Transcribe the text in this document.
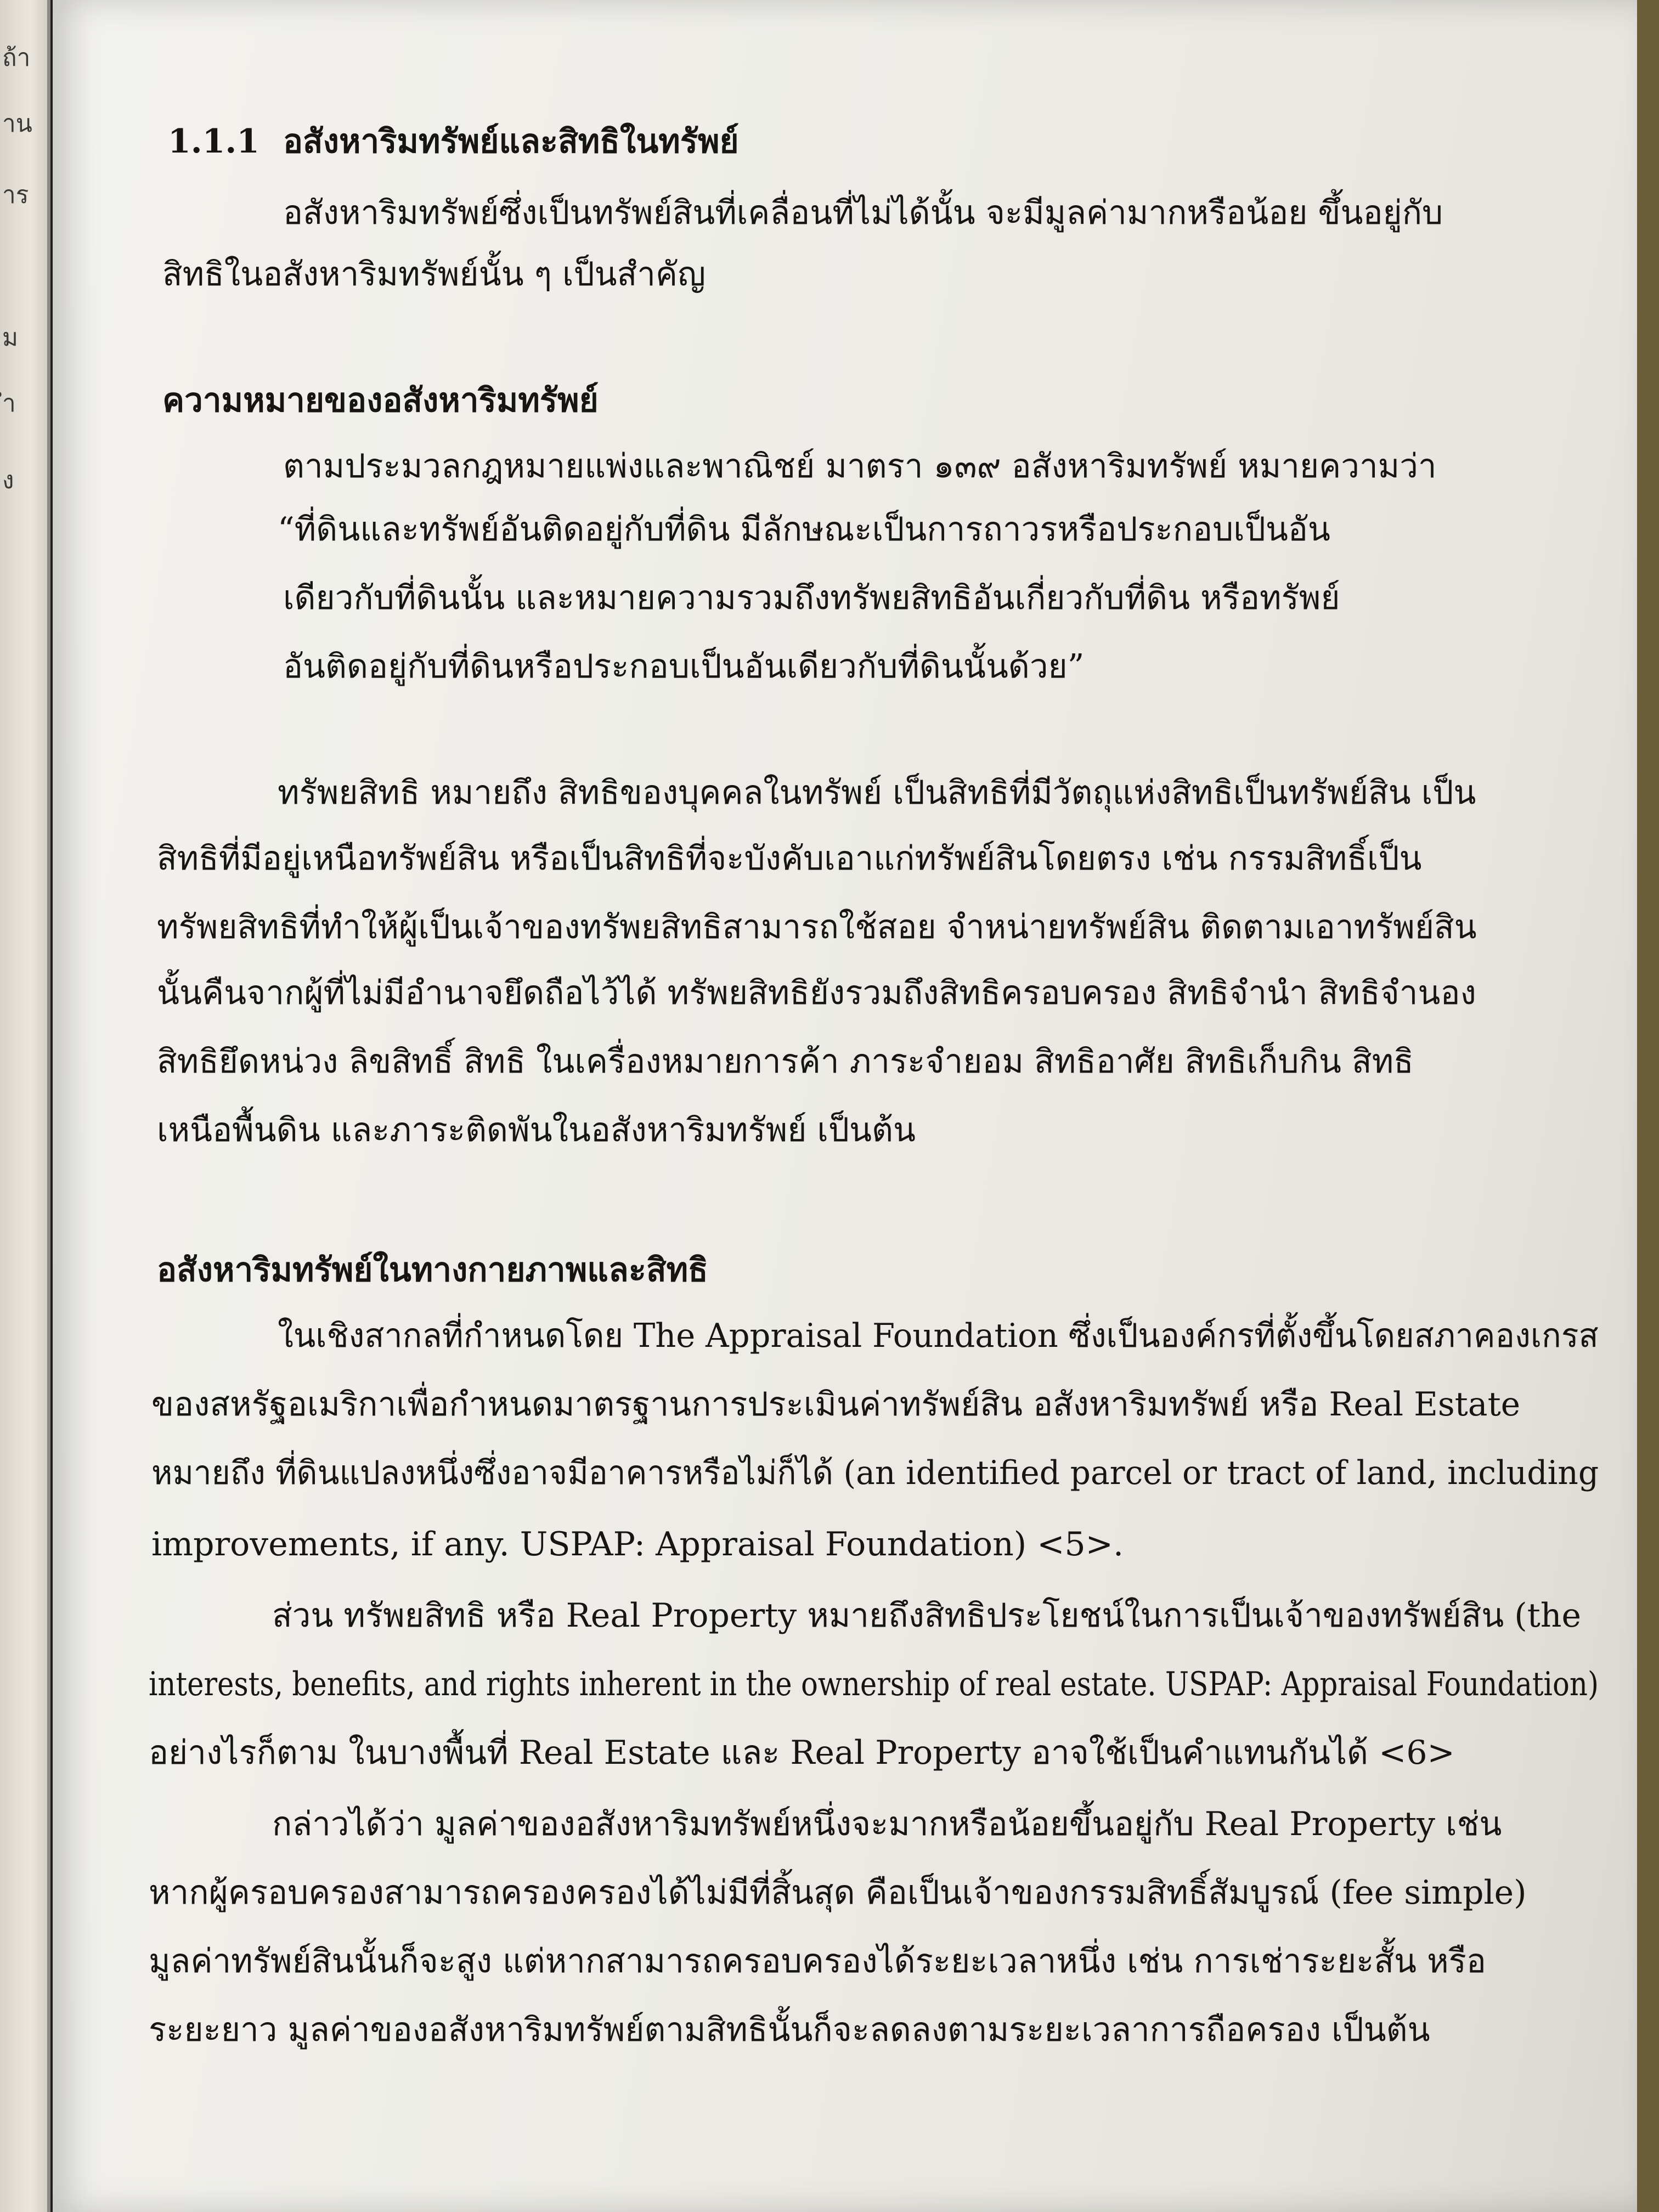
ถ้า
าน
าร
ม
ำ
ง
1.1.1 อสังหาริมทรัพย์และสิทธิในทรัพย์
อสังหาริมทรัพย์ซึ่งเป็นทรัพย์สินที่เคลื่อนที่ไม่ได้นั้น จะมีมูลค่ามากหรือน้อย ขึ้นอยู่กับ
สิทธิในอสังหาริมทรัพย์นั้น ๆ เป็นสำคัญ
ความหมายของอสังหาริมทรัพย์
ตามประมวลกฎหมายแพ่งและพาณิชย์ มาตรา ๑๓๙ อสังหาริมทรัพย์ หมายความว่า
“ที่ดินและทรัพย์อันติดอยู่กับที่ดิน มีลักษณะเป็นการถาวรหรือประกอบเป็นอัน
เดียวกับที่ดินนั้น และหมายความรวมถึงทรัพยสิทธิอันเกี่ยวกับที่ดิน หรือทรัพย์
อันติดอยู่กับที่ดินหรือประกอบเป็นอันเดียวกับที่ดินนั้นด้วย”
ทรัพยสิทธิ หมายถึง สิทธิของบุคคลในทรัพย์ เป็นสิทธิที่มีวัตถุแห่งสิทธิเป็นทรัพย์สิน เป็น
สิทธิที่มีอยู่เหนือทรัพย์สิน หรือเป็นสิทธิที่จะบังคับเอาแก่ทรัพย์สินโดยตรง เช่น กรรมสิทธิ์เป็น
ทรัพยสิทธิที่ทำให้ผู้เป็นเจ้าของทรัพยสิทธิสามารถใช้สอย จำหน่ายทรัพย์สิน ติดตามเอาทรัพย์สิน
นั้นคืนจากผู้ที่ไม่มีอำนาจยึดถือไว้ได้ ทรัพยสิทธิยังรวมถึงสิทธิครอบครอง สิทธิจำนำ สิทธิจำนอง
สิทธิยึดหน่วง ลิขสิทธิ์ สิทธิ ในเครื่องหมายการค้า ภาระจำยอม สิทธิอาศัย สิทธิเก็บกิน สิทธิ
เหนือพื้นดิน และภาระติดพันในอสังหาริมทรัพย์ เป็นต้น
อสังหาริมทรัพย์ในทางกายภาพและสิทธิ
ในเชิงสากลที่กำหนดโดย The Appraisal Foundation ซึ่งเป็นองค์กรที่ตั้งขึ้นโดยสภาคองเกรส
ของสหรัฐอเมริกาเพื่อกำหนดมาตรฐานการประเมินค่าทรัพย์สิน อสังหาริมทรัพย์ หรือ Real Estate
หมายถึง ที่ดินแปลงหนึ่งซึ่งอาจมีอาคารหรือไม่ก็ได้ (an identified parcel or tract of land, including
improvements, if any. USPAP: Appraisal Foundation) <5>.
ส่วน ทรัพยสิทธิ หรือ Real Property หมายถึงสิทธิประโยชน์ในการเป็นเจ้าของทรัพย์สิน (the
interests, benefits, and rights inherent in the ownership of real estate. USPAP: Appraisal Foundation)
อย่างไรก็ตาม ในบางพื้นที่ Real Estate และ Real Property อาจใช้เป็นคำแทนกันได้ <6>
กล่าวได้ว่า มูลค่าของอสังหาริมทรัพย์หนึ่งจะมากหรือน้อยขึ้นอยู่กับ Real Property เช่น
หากผู้ครอบครองสามารถครองครองได้ไม่มีที่สิ้นสุด คือเป็นเจ้าของกรรมสิทธิ์สัมบูรณ์ (fee simple)
มูลค่าทรัพย์สินนั้นก็จะสูง แต่หากสามารถครอบครองได้ระยะเวลาหนึ่ง เช่น การเช่าระยะสั้น หรือ
ระยะยาว มูลค่าของอสังหาริมทรัพย์ตามสิทธินั้นก็จะลดลงตามระยะเวลาการถือครอง เป็นต้น
